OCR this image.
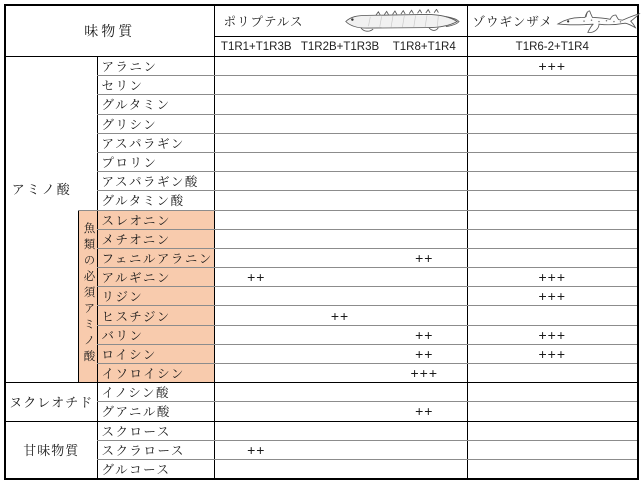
味物質			ポリプテルス			ゾウギンザメ

			T1R1+T1R3B	T1R2B+T1R3B	T1R8+T1R4	T1R6-2+T1R4

アミノ酸		アラニン				+++
		セリン				
		グルタミン				
		グリシン				
		アスパラギン				
		プロリン				
		アスパラギン酸				
		グルタミン酸				
	魚類の必須アミノ酸	スレオニン				
		メチオニン				
		フェニルアラニン			++	
		アルギニン	++			+++
		リジン				+++
		ヒスチジン		++		
		バリン			++	+++
		ロイシン			++	+++
		イソロイシン			+++	
ヌクレオチド		イノシン酸				
		グアニル酸			++	
甘味物質		スクロース				
		スクラロース	++			
		グルコース				
